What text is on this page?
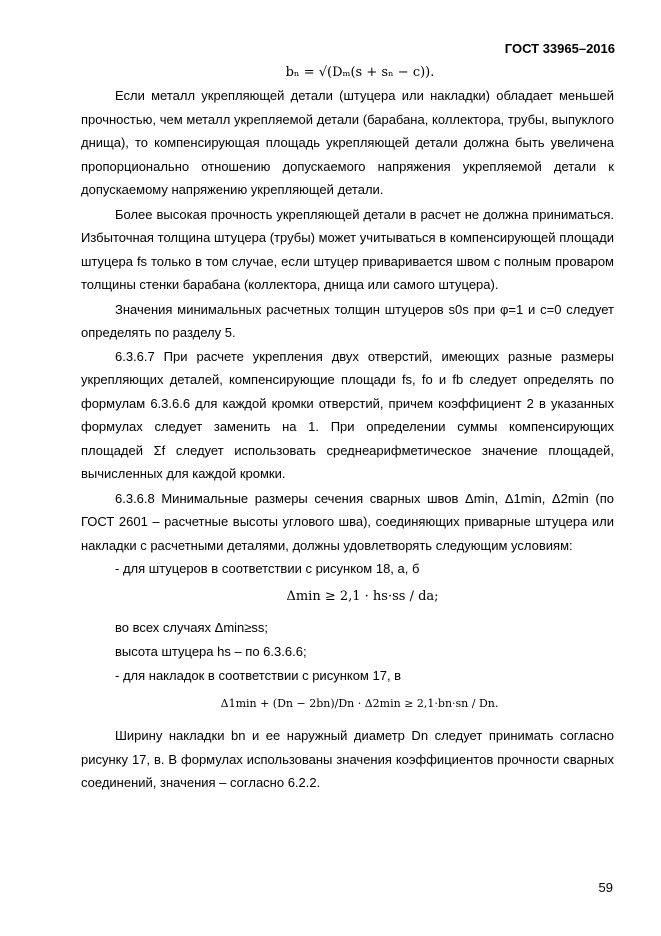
ГОСТ 33965–2016
bₙ = √(Dₘ(s + sₙ − c)).

Если металл укрепляющей детали (штуцера или накладки) обладает меньшей прочностью, чем металл укрепляемой детали (барабана, коллектора, трубы, выпуклого днища), то компенсирующая площадь укрепляющей детали должна быть увеличена пропорционально отношению допускаемого напряжения укрепляемой детали к допускаемому напряжению укрепляющей детали.

Более высокая прочность укрепляющей детали в расчет не должна приниматься. Избыточная толщина штуцера (трубы) может учитываться в компенсирующей площади штуцера fs только в том случае, если штуцер приваривается швом с полным проваром толщины стенки барабана (коллектора, днища или самого штуцера).

Значения минимальных расчетных толщин штуцеров s0s при φ=1 и c=0 следует определять по разделу 5.

6.3.6.7 При расчете укрепления двух отверстий, имеющих разные размеры укрепляющих деталей, компенсирующие площади fs, fo и fb следует определять по формулам 6.3.6.6 для каждой кромки отверстий, причем коэффициент 2 в указанных формулах следует заменить на 1. При определении суммы компенсирующих площадей Σf следует использовать среднеарифметическое значение площадей, вычисленных для каждой кромки.

6.3.6.8 Минимальные размеры сечения сварных швов Δmin, Δ1min, Δ2min (по ГОСТ 2601 – расчетные высоты углового шва), соединяющих приварные штуцера или накладки с расчетными деталями, должны удовлетворять следующим условиям:

- для штуцеров в соответствии с рисунком 18, а, б

Δmin ≥ 2,1 · hs·ss / da;

во всех случаях Δmin≥ss;

высота штуцера hs – по 6.3.6.6;

- для накладок в соответствии с рисунком 17, в

Δ1min + (Dn − 2bn)/Dn · Δ2min ≥ 2,1·bn·sn / Dn.

Ширину накладки bn и ее наружный диаметр Dn следует принимать согласно рисунку 17, в. В формулах использованы значения коэффициентов прочности сварных соединений, значения – согласно 6.2.2.

59
